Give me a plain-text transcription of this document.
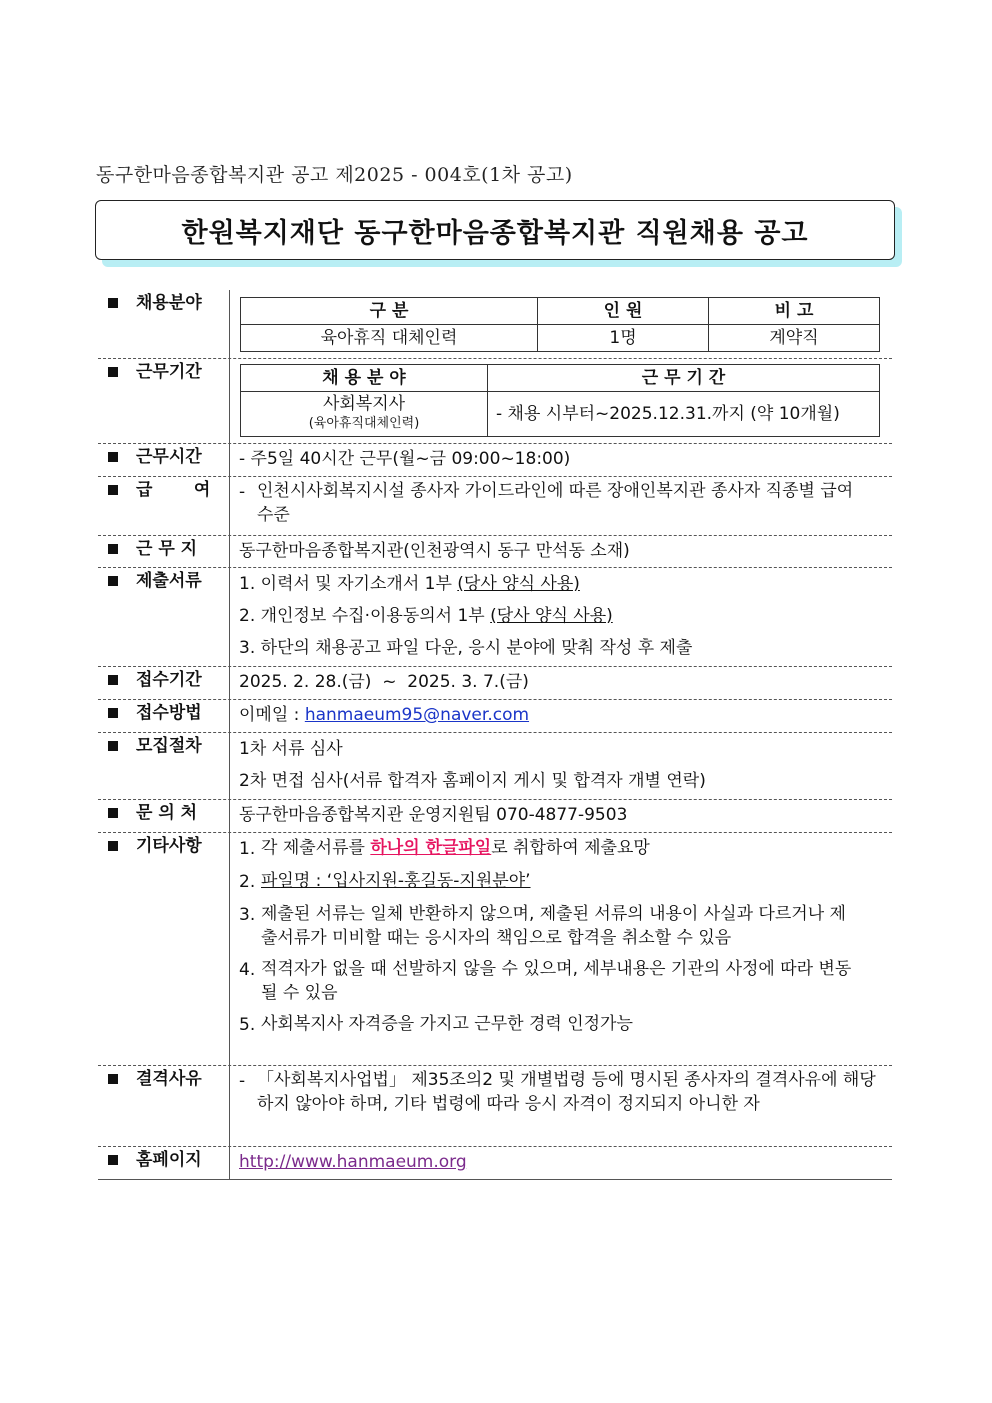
동구한마음종합복지관 공고 제2025 - 004호(1차 공고)
한원복지재단 동구한마음종합복지관 직원채용 공고
채용분야	구 분	인 원	비 고
육아휴직 대체인력	1명	계약직
근무기간	채 용 분 야	근 무 기 간

사회복지사
(육아휴직대체인력)	- 채용 시부터~2025.12.31.까지 (약 10개월)
근무시간 - 주5일 40시간 근무(월~금 09:00~18:00)
급       여 - 인천시사회복지시설 종사자 가이드라인에 따른 장애인복지관 종사자 직종별 급여수준
근 무 지 동구한마음종합복지관(인천광역시 동구 만석동 소재)
제출서류 1. 이력서 및 자기소개서 1부 (당사 양식 사용)
2. 개인정보 수집·이용동의서 1부 (당사 양식 사용)
3. 하단의 채용공고 파일 다운, 응시 분야에 맞춰 작성 후 제출
접수기간 2025. 2. 28.(금)  ~  2025. 3. 7.(금)
접수방법 이메일 : hanmaeum95@naver.com
모집절차 1차 서류 심사
2차 면접 심사(서류 합격자 홈페이지 게시 및 합격자 개별 연락)
문 의 처 동구한마음종합복지관 운영지원팀 070-4877-9503
기타사항 1. 각 제출서류를 하나의 한글파일로 취합하여 제출요망
2. 파일명 : ‘입사지원-홍길동-지원분야’
3. 제출된 서류는 일체 반환하지 않으며, 제출된 서류의 내용이 사실과 다르거나 제출서류가 미비할 때는 응시자의 책임으로 합격을 취소할 수 있음
4. 적격자가 없을 때 선발하지 않을 수 있으며, 세부내용은 기관의 사정에 따라 변동될 수 있음
5. 사회복지사 자격증을 가지고 근무한 경력 인정가능
결격사유 - 「사회복지사업법」 제35조의2 및 개별법령 등에 명시된 종사자의 결격사유에 해당하지 않아야 하며, 기타 법령에 따라 응시 자격이 정지되지 아니한 자
홈페이지 http://www.hanmaeum.org
